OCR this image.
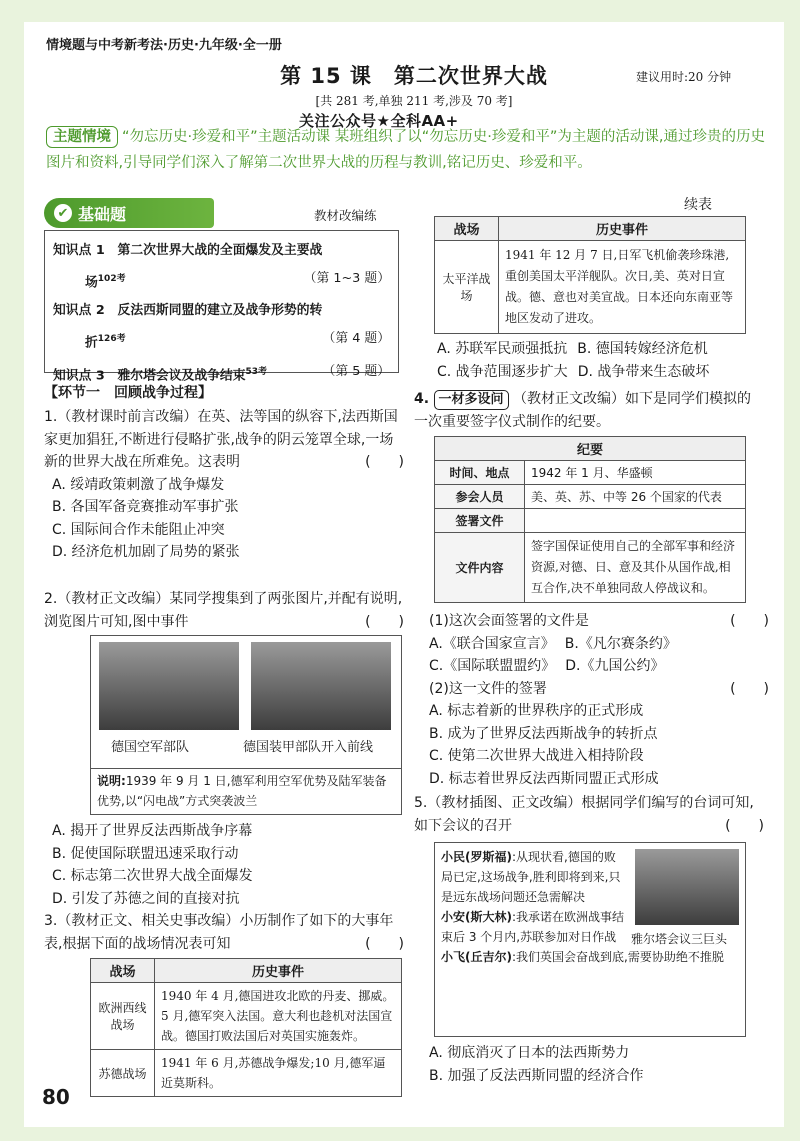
情境题与中考新考法·历史·九年级·全一册
第 15 课　第二次世界大战	建议用时:20 分钟
[共 281 考,单独 211 考,涉及 70 考]
关注公众号★全科AA+
主题情境 “勿忘历史·珍爱和平”主题活动课 某班组织了以“勿忘历史·珍爱和平”为主题的活动课,通过珍贵的历史图片和资料,引导同学们深入了解第二次世界大战的历程与教训,铭记历史、珍爱和平。
✔ 基础题	教材改编练
知识点 1　第二次世界大战的全面爆发及主要战
场$^{102考}$	（第 1~3 题）
知识点 2　反法西斯同盟的建立及战争形势的转
折$^{126考}$	（第 4 题）
知识点 3　雅尔塔会议及战争结束$^{53考}$	（第 5 题）
【环节一　回顾战争过程】
1.（教材课时前言改编）在英、法等国的纵容下,法西斯国家更加猖狂,不断进行侵略扩张,战争的阴云笼罩全球,一场新的世界大战在所难免。这表明	(　　)
A. 绥靖政策刺激了战争爆发
B. 各国军备竞赛推动军事扩张
C. 国际间合作未能阻止冲突
D. 经济危机加剧了局势的紧张
2.（教材正文改编）某同学搜集到了两张图片,并配有说明,浏览图片可知,图中事件	(　　)
德国空军部队	德国装甲部队开入前线
说明:1939 年 9 月 1 日,德军利用空军优势及陆军装备优势,以“闪电战”方式突袭波兰
A. 揭开了世界反法西斯战争序幕
B. 促使国际联盟迅速采取行动
C. 标志第二次世界大战全面爆发
D. 引发了苏德之间的直接对抗
3.（教材正文、相关史事改编）小历制作了如下的大事年表,根据下面的战场情况表可知	(　　)
战场	历史事件
欧洲西线战场	1940 年 4 月,德国进攻北欧的丹麦、挪威。5 月,德军突入法国。意大利也趁机对法国宣战。德国打败法国后对英国实施轰炸。
苏德战场	1941 年 6 月,苏德战争爆发;10 月,德军逼近莫斯科。
80
续表
战场	历史事件
太平洋战场	1941 年 12 月 7 日,日军飞机偷袭珍珠港,重创美国太平洋舰队。次日,美、英对日宣战。德、意也对美宣战。日本还向东南亚等地区发动了进攻。
A. 苏联军民顽强抵抗 B. 德国转嫁经济危机
C. 战争范围逐步扩大 D. 战争带来生态破坏
4. 一材多设问 （教材正文改编）如下是同学们模拟的一次重要签字仪式制作的纪要。
纪要	
时间、地点	1942 年 1 月、华盛顿
参会人员	美、英、苏、中等 26 个国家的代表
签署文件	
文件内容	签字国保证使用自己的全部军事和经济资源,对德、日、意及其仆从国作战,相互合作,决不单独同敌人停战议和。
(1)这次会面签署的文件是	(　　)
A.《联合国家宣言》 B.《凡尔赛条约》
C.《国际联盟盟约》 D.《九国公约》
(2)这一文件的签署	(　　)
A. 标志着新的世界秩序的正式形成
B. 成为了世界反法西斯战争的转折点
C. 使第二次世界大战进入相持阶段
D. 标志着世界反法西斯同盟正式形成
5.（教材插图、正文改编）根据同学们编写的台词可知,如下会议的召开	(　　)
雅尔塔会议三巨头
小民(罗斯福):从现状看,德国的败局已定,这场战争,胜利即将到来,只是远东战场问题还急需解决
小安(斯大林):我承诺在欧洲战事结束后 3 个月内,苏联参加对日作战
小飞(丘吉尔):我们英国会奋战到底,需要协助绝不推脱
A. 彻底消灭了日本的法西斯势力
B. 加强了反法西斯同盟的经济合作
